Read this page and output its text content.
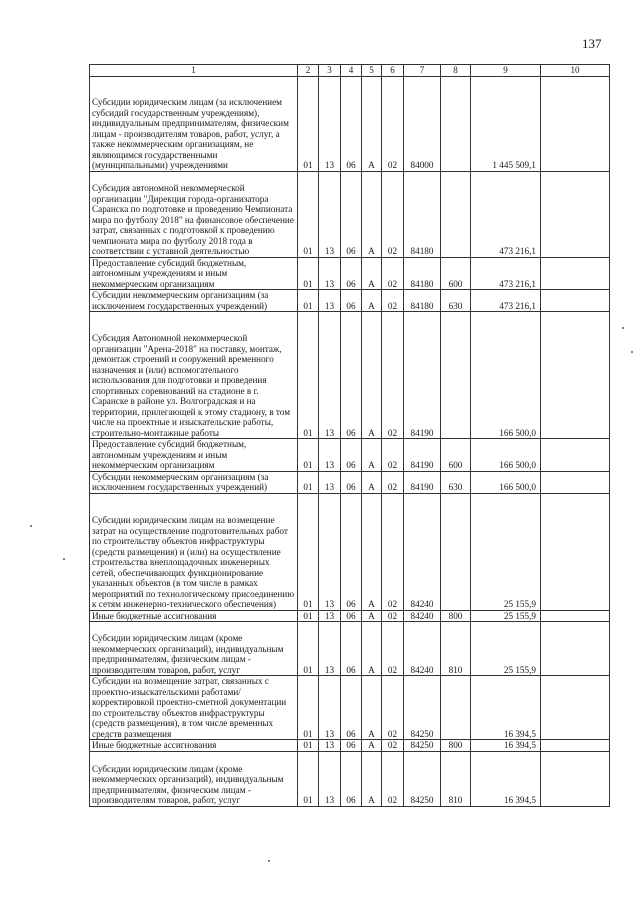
137
1	2	3	4	5	6	7	8	9	10
Субсидии юридическим лицам (за исключением субсидий государственным учреждениям), индивидуальным предпринимателям, физическим лицам - производителям товаров, работ, услуг, а также некоммерческим организациям, не являющимся государственными (муниципальными) учреждениями	01	13	06	А	02	84000		1 445 509,1	
Субсидия автономной некоммерческой организации "Дирекция города-организатора Саранска по подготовке и проведению Чемпионата мира по футболу 2018" на финансовое обеспечение затрат, связанных с подготовкой к проведению чемпионата мира по футболу 2018 года в соответствии с уставной деятельностью	01	13	06	А	02	84180		473 216,1	
Предоставление субсидий бюджетным, автономным учреждениям и иным некоммерческим организациям	01	13	06	А	02	84180	600	473 216,1	
Субсидии некоммерческим организациям (за исключением государственных учреждений)	01	13	06	А	02	84180	630	473 216,1	
Субсидия Автономной некоммерческой организации "Арена-2018" на поставку, монтаж, демонтаж строений и сооружений временного назначения и (или) вспомогательного использования для подготовки и проведения спортивных соревнований на стадионе в г. Саранске в районе ул. Волгоградская и на территории, прилегающей к этому стадиону, в том числе на проектные и изыскательские работы, строительно-монтажные работы	01	13	06	А	02	84190		166 500,0	
Предоставление субсидий бюджетным, автономным учреждениям и иным некоммерческим организациям	01	13	06	А	02	84190	600	166 500,0	
Субсидии некоммерческим организациям (за исключением государственных учреждений)	01	13	06	А	02	84190	630	166 500,0	
Субсидии юридическим лицам на возмещение затрат на осуществление подготовительных работ по строительству объектов инфраструктуры (средств размещения) и (или) на осуществление строительства внеплощадочных инженерных сетей, обеспечивающих функционирование указанных объектов (в том числе в рамках мероприятий по технологическому присоединению к сетям инженерно-технического обеспечения)	01	13	06	А	02	84240		25 155,9	
Иные бюджетные ассигнования	01	13	06	А	02	84240	800	25 155,9	
Субсидии юридическим лицам (кроме некоммерческих организаций), индивидуальным предпринимателям, физическим лицам - производителям товаров, работ, услуг	01	13	06	А	02	84240	810	25 155,9	
Субсидии на возмещение затрат, связанных с проектно-изыскательскими работами/корректировкой проектно-сметной документации по строительству объектов инфраструктуры (средств размещения), в том числе временных средств размещения	01	13	06	А	02	84250		16 394,5	
Иные бюджетные ассигнования	01	13	06	А	02	84250	800	16 394,5	
Субсидии юридическим лицам (кроме некоммерческих организаций), индивидуальным предпринимателям, физическим лицам - производителям товаров, работ, услуг	01	13	06	А	02	84250	810	16 394,5	
